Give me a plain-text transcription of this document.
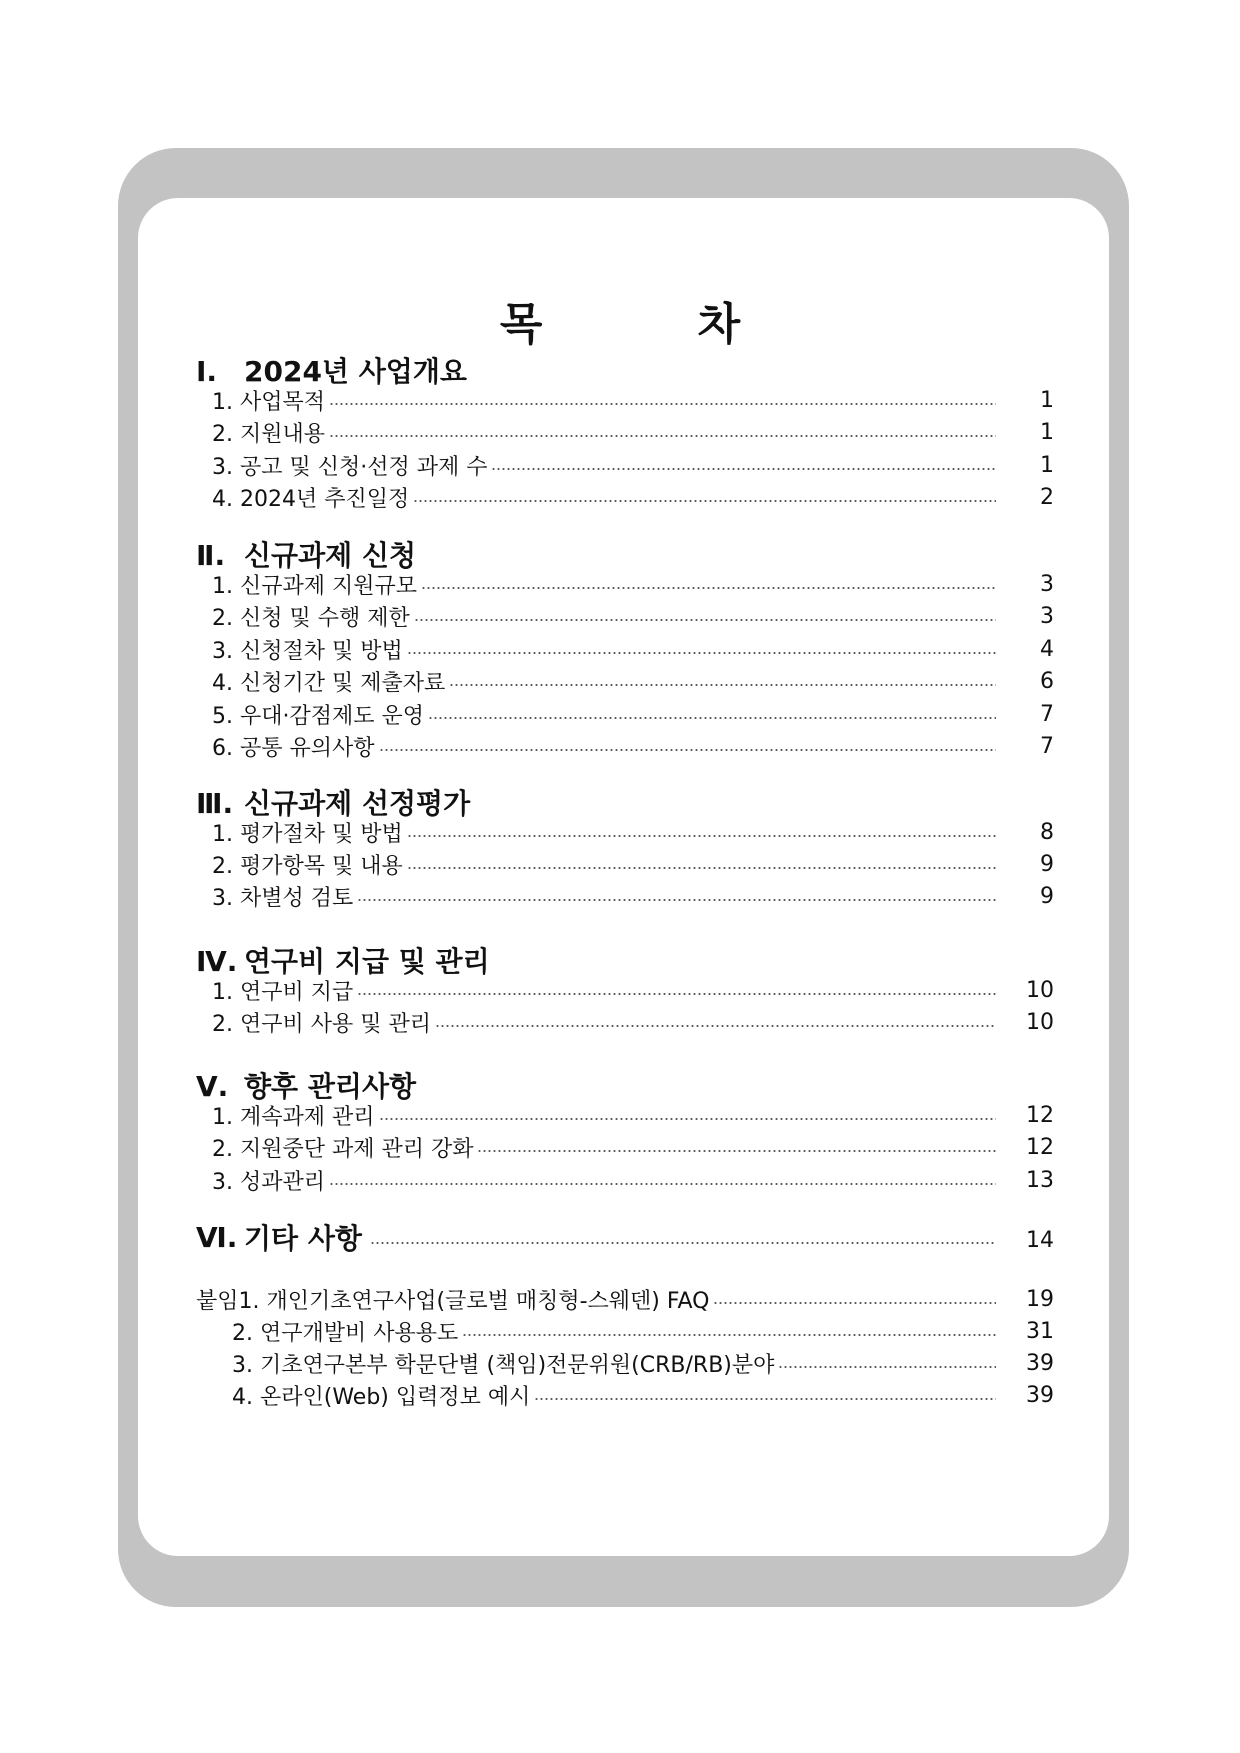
목 차
Ⅰ. 2024년 사업개요
1. 사업목적	1
2. 지원내용	1
3. 공고 및 신청·선정 과제 수	1
4. 2024년 추진일정	2
Ⅱ. 신규과제 신청
1. 신규과제 지원규모	3
2. 신청 및 수행 제한	3
3. 신청절차 및 방법	4
4. 신청기간 및 제출자료	6
5. 우대·감점제도 운영	7
6. 공통 유의사항	7
Ⅲ. 신규과제 선정평가
1. 평가절차 및 방법	8
2. 평가항목 및 내용	9
3. 차별성 검토	9
Ⅳ. 연구비 지급 및 관리
1. 연구비 지급	10
2. 연구비 사용 및 관리	10
Ⅴ. 향후 관리사항
1. 계속과제 관리	12
2. 지원중단 과제 관리 강화	12
3. 성과관리	13
Ⅵ. 기타 사항	14
붙임1. 개인기초연구사업(글로벌 매칭형-스웨덴) FAQ	19
2. 연구개발비 사용용도	31
3. 기초연구본부 학문단별 (책임)전문위원(CRB/RB)분야	39
4. 온라인(Web) 입력정보 예시	39
